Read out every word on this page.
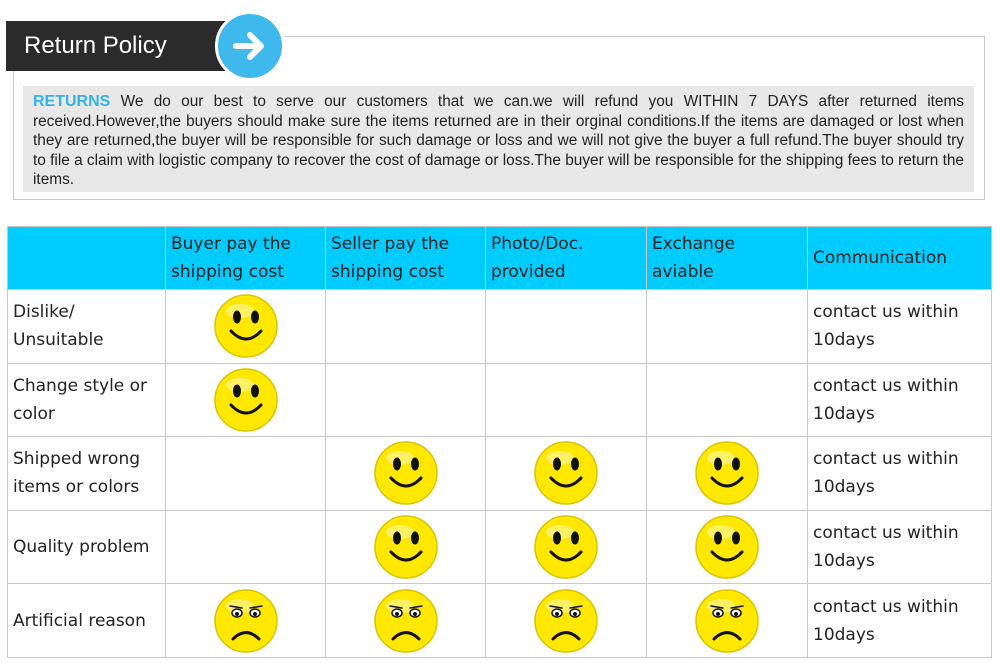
Return Policy
RETURNS We do our best to serve our customers that we can.we will refund you WITHIN 7 DAYS after returned items received.However,the buyers should make sure the items returned are in their orginal conditions.If the items are damaged or lost when they are returned,the buyer will be responsible for such damage or loss and we will not give the buyer a full refund.The buyer should try to file a claim with logistic company to recover the cost of damage or loss.The buyer will be responsible for the shipping fees to return the items.
	Buyer pay the shipping cost	Seller pay the shipping cost	Photo/Doc. provided	Exchange aviable	Communication
Dislike/ Unsuitable					contact us within 10days
Change style or color					contact us within 10days
Shipped wrong items or colors					contact us within 10days
Quality problem					contact us within 10days
Artificial reason					contact us within 10days
